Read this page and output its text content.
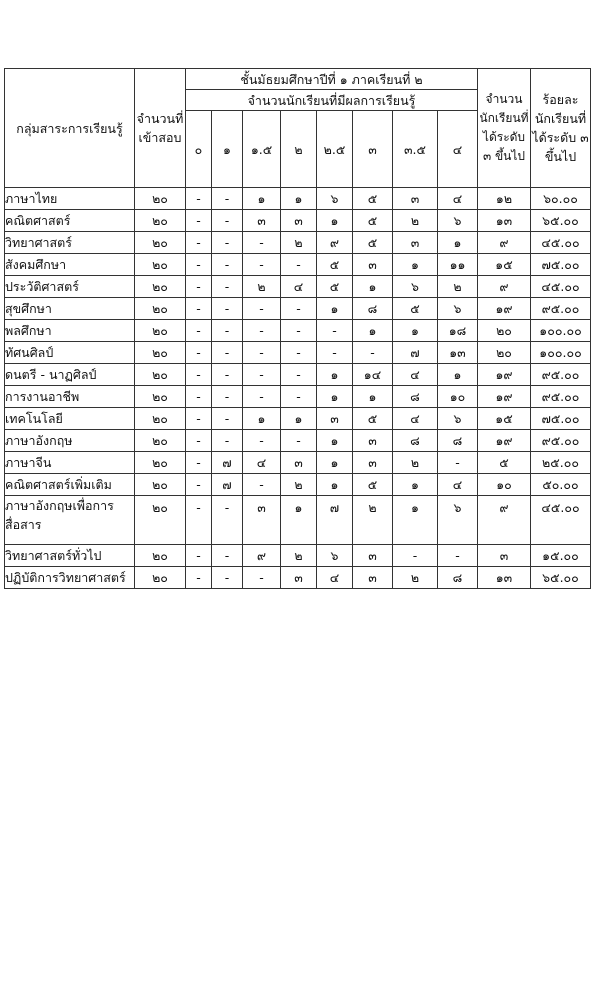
กลุ่มสาระการเรียนรู้	จำนวนที่เข้าสอบ	ชั้นมัธยมศึกษาปีที่ ๑ ภาคเรียนที่ ๒								จำนวนนักเรียนที่ได้ระดับ ๓ ขึ้นไป	ร้อยละนักเรียนที่ได้ระดับ ๓ ขึ้นไป
		จำนวนนักเรียนที่มีผลการเรียนรู้									
		๐	๑	๑.๕	๒	๒.๕	๓	๓.๕	๔		
ภาษาไทย	๒๐	-	-	๑	๑	๖	๕	๓	๔	๑๒	๖๐.๐๐
คณิตศาสตร์	๒๐	-	-	๓	๓	๑	๕	๒	๖	๑๓	๖๕.๐๐
วิทยาศาสตร์	๒๐	-	-	-	๒	๙	๕	๓	๑	๙	๔๕.๐๐
สังคมศึกษา	๒๐	-	-	-	-	๕	๓	๑	๑๑	๑๕	๗๕.๐๐
ประวัติศาสตร์	๒๐	-	-	๒	๔	๕	๑	๖	๒	๙	๔๕.๐๐
สุขศึกษา	๒๐	-	-	-	-	๑	๘	๕	๖	๑๙	๙๕.๐๐
พลศึกษา	๒๐	-	-	-	-	-	๑	๑	๑๘	๒๐	๑๐๐.๐๐
ทัศนศิลป์	๒๐	-	-	-	-	-	-	๗	๑๓	๒๐	๑๐๐.๐๐
ดนตรี - นาฏศิลป์	๒๐	-	-	-	-	๑	๑๔	๔	๑	๑๙	๙๕.๐๐
การงานอาชีพ	๒๐	-	-	-	-	๑	๑	๘	๑๐	๑๙	๙๕.๐๐
เทคโนโลยี	๒๐	-	-	๑	๑	๓	๕	๔	๖	๑๕	๗๕.๐๐
ภาษาอังกฤษ	๒๐	-	-	-	-	๑	๓	๘	๘	๑๙	๙๕.๐๐
ภาษาจีน	๒๐	-	๗	๔	๓	๑	๓	๒	-	๕	๒๕.๐๐
คณิตศาสตร์เพิ่มเติม	๒๐	-	๗	-	๒	๑	๕	๑	๔	๑๐	๕๐.๐๐
ภาษาอังกฤษเพื่อการสื่อสาร	๒๐	-	-	๓	๑	๗	๒	๑	๖	๙	๔๕.๐๐
วิทยาศาสตร์ทั่วไป	๒๐	-	-	๙	๒	๖	๓	-	-	๓	๑๕.๐๐
ปฏิบัติการวิทยาศาสตร์	๒๐	-	-	-	๓	๔	๓	๒	๘	๑๓	๖๕.๐๐
